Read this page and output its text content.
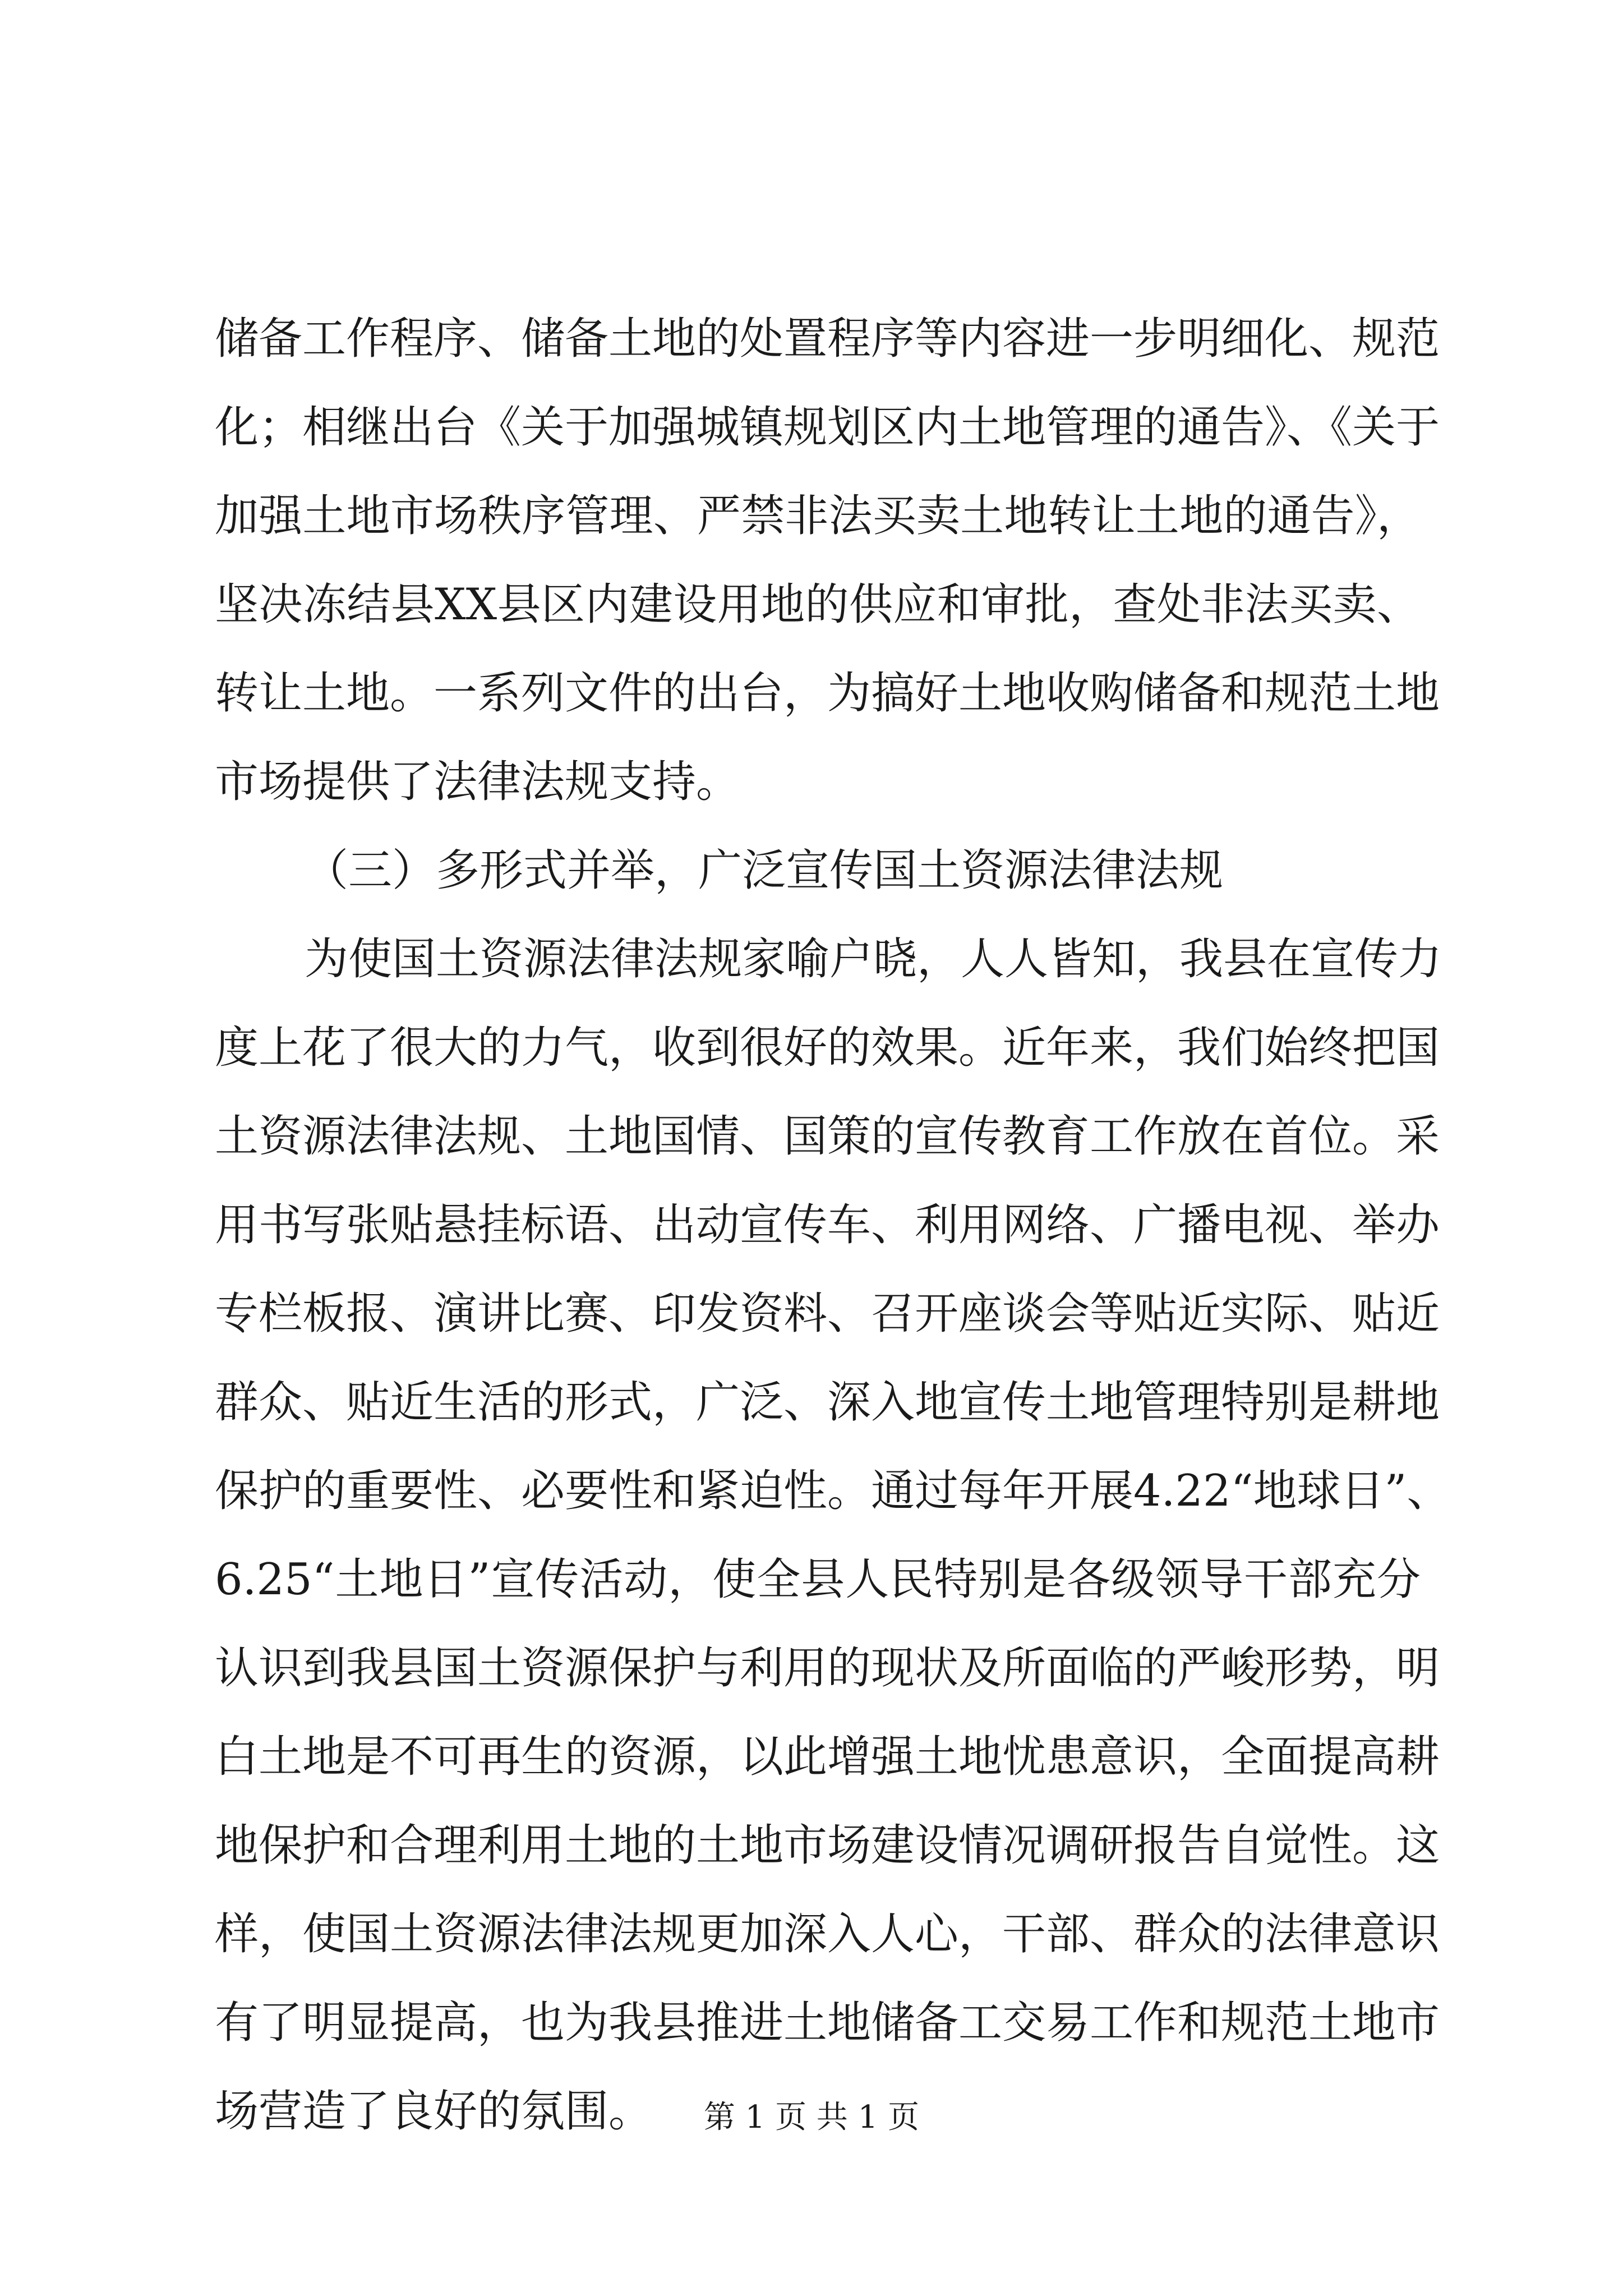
储备工作程序、储备土地的处置程序等内容进一步明细化、规范
化；相继出台《关于加强城镇规划区内土地管理的通告》、《关于
加强土地市场秩序管理、严禁非法买卖土地转让土地的通告》，
坚决冻结县XX县区内建设用地的供应和审批，查处非法买卖、
转让土地。一系列文件的出台，为搞好土地收购储备和规范土地
市场提供了法律法规支持。
（三）多形式并举，广泛宣传国土资源法律法规
为使国土资源法律法规家喻户晓，人人皆知，我县在宣传力
度上花了很大的力气，收到很好的效果。近年来，我们始终把国
土资源法律法规、土地国情、国策的宣传教育工作放在首位。采
用书写张贴悬挂标语、出动宣传车、利用网络、广播电视、举办
专栏板报、演讲比赛、印发资料、召开座谈会等贴近实际、贴近
群众、贴近生活的形式，广泛、深入地宣传土地管理特别是耕地
保护的重要性、必要性和紧迫性。通过每年开展4.22“地球日”、
6.25“土地日”宣传活动，使全县人民特别是各级领导干部充分
认识到我县国土资源保护与利用的现状及所面临的严峻形势，明
白土地是不可再生的资源，以此增强土地忧患意识，全面提高耕
地保护和合理利用土地的土地市场建设情况调研报告自觉性。这
样，使国土资源法律法规更加深入人心，干部、群众的法律意识
有了明显提高，也为我县推进土地储备工交易工作和规范土地市
场营造了良好的氛围。	第 1 页 共 1 页
